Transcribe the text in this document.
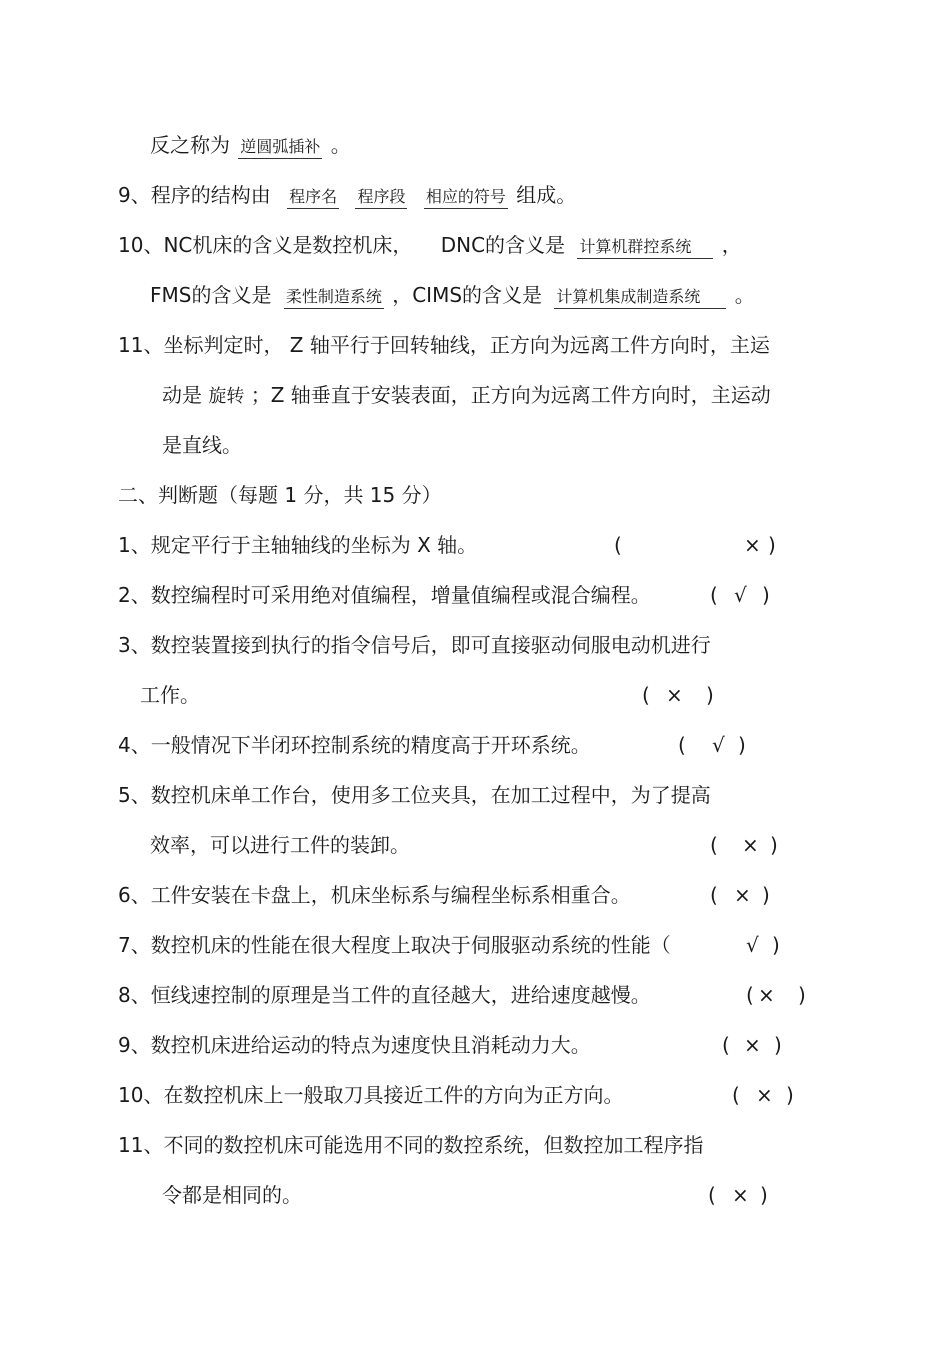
反之称为 逆圆弧插补 。
9、程序的结构由 程序名 程序段 相应的符号 组成。
10、NC机床的含义是数控机床， DNC的含义是 计算机群控系统 ，
FMS的含义是 柔性制造系统 ，CIMS的含义是 计算机集成制造系统 。
11、坐标判定时， Z 轴平行于回转轴线，正方向为远离工件方向时，主运
动是 旋转 ；Z 轴垂直于安装表面，正方向为远离工件方向时，主运动
是直线。
二、判断题（每题 1 分，共 15 分）
1、规定平行于主轴轴线的坐标为 X 轴。	(	× )
2、数控编程时可采用绝对值编程，增量值编程或混合编程。	( √ )
3、数控装置接到执行的指令信号后，即可直接驱动伺服电动机进行
工作。	( × )
4、一般情况下半闭环控制系统的精度高于开环系统。	( √ )
5、数控机床单工作台，使用多工位夹具，在加工过程中，为了提高
效率，可以进行工件的装卸。	( × )
6、工件安装在卡盘上，机床坐标系与编程坐标系相重合。	( × )
7、数控机床的性能在很大程度上取决于伺服驱动系统的性能（	√ )
8、恒线速控制的原理是当工件的直径越大，进给速度越慢。	( × )
9、数控机床进给运动的特点为速度快且消耗动力大。	( × )
10、在数控机床上一般取刀具接近工件的方向为正方向。	( × )
11、不同的数控机床可能选用不同的数控系统，但数控加工程序指
令都是相同的。	( × )
